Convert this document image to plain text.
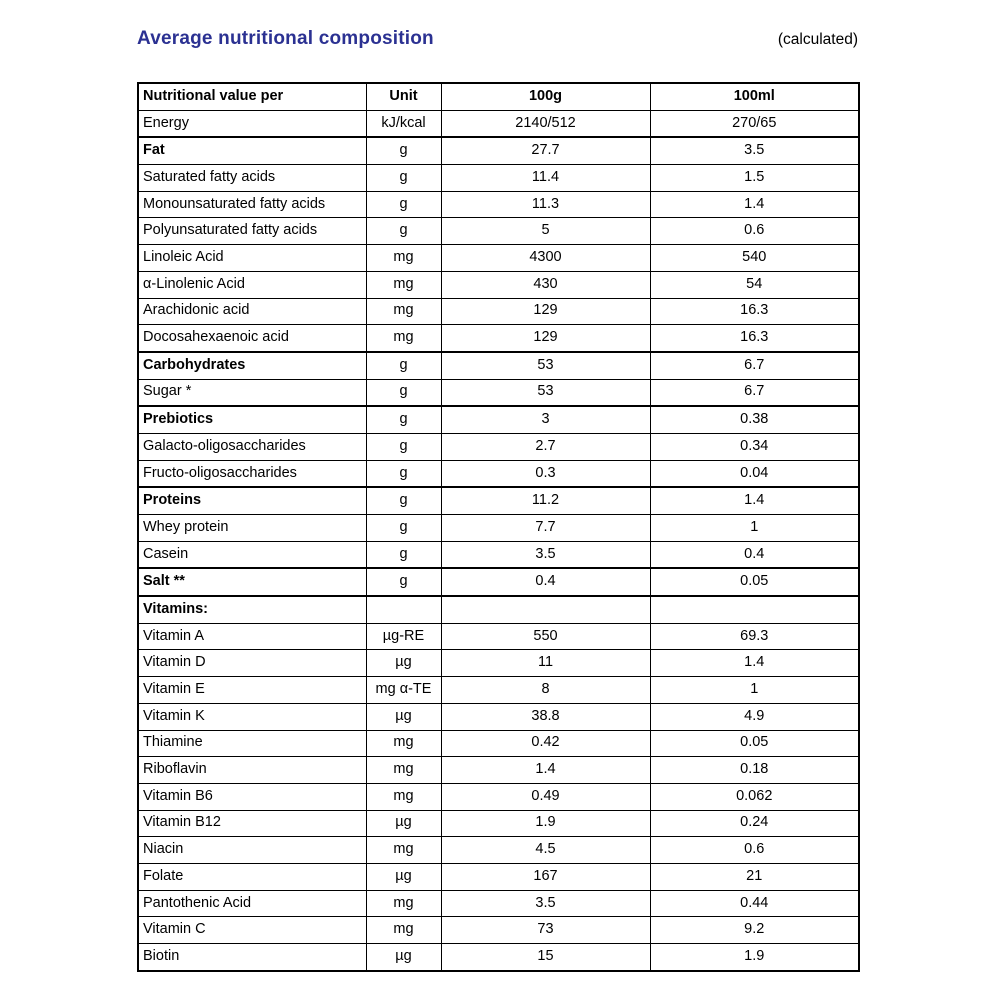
Average nutritional composition	(calculated)
Nutritional value per	Unit	100g	100ml
Energy	kJ/kcal	2140/512	270/65
Fat	g	27.7	3.5
Saturated fatty acids	g	11.4	1.5
Monounsaturated fatty acids	g	11.3	1.4
Polyunsaturated fatty acids	g	5	0.6
Linoleic Acid	mg	4300	540
α-Linolenic Acid	mg	430	54
Arachidonic acid	mg	129	16.3
Docosahexaenoic acid	mg	129	16.3
Carbohydrates	g	53	6.7
Sugar *	g	53	6.7
Prebiotics	g	3	0.38
Galacto-oligosaccharides	g	2.7	0.34
Fructo-oligosaccharides	g	0.3	0.04
Proteins	g	11.2	1.4
Whey protein	g	7.7	1
Casein	g	3.5	0.4
Salt **	g	0.4	0.05
Vitamins:			
Vitamin A	µg-RE	550	69.3
Vitamin D	µg	11	1.4
Vitamin E	mg α-TE	8	1
Vitamin K	µg	38.8	4.9
Thiamine	mg	0.42	0.05
Riboflavin	mg	1.4	0.18
Vitamin B6	mg	0.49	0.062
Vitamin B12	µg	1.9	0.24
Niacin	mg	4.5	0.6
Folate	µg	167	21
Pantothenic Acid	mg	3.5	0.44
Vitamin C	mg	73	9.2
Biotin	µg	15	1.9
